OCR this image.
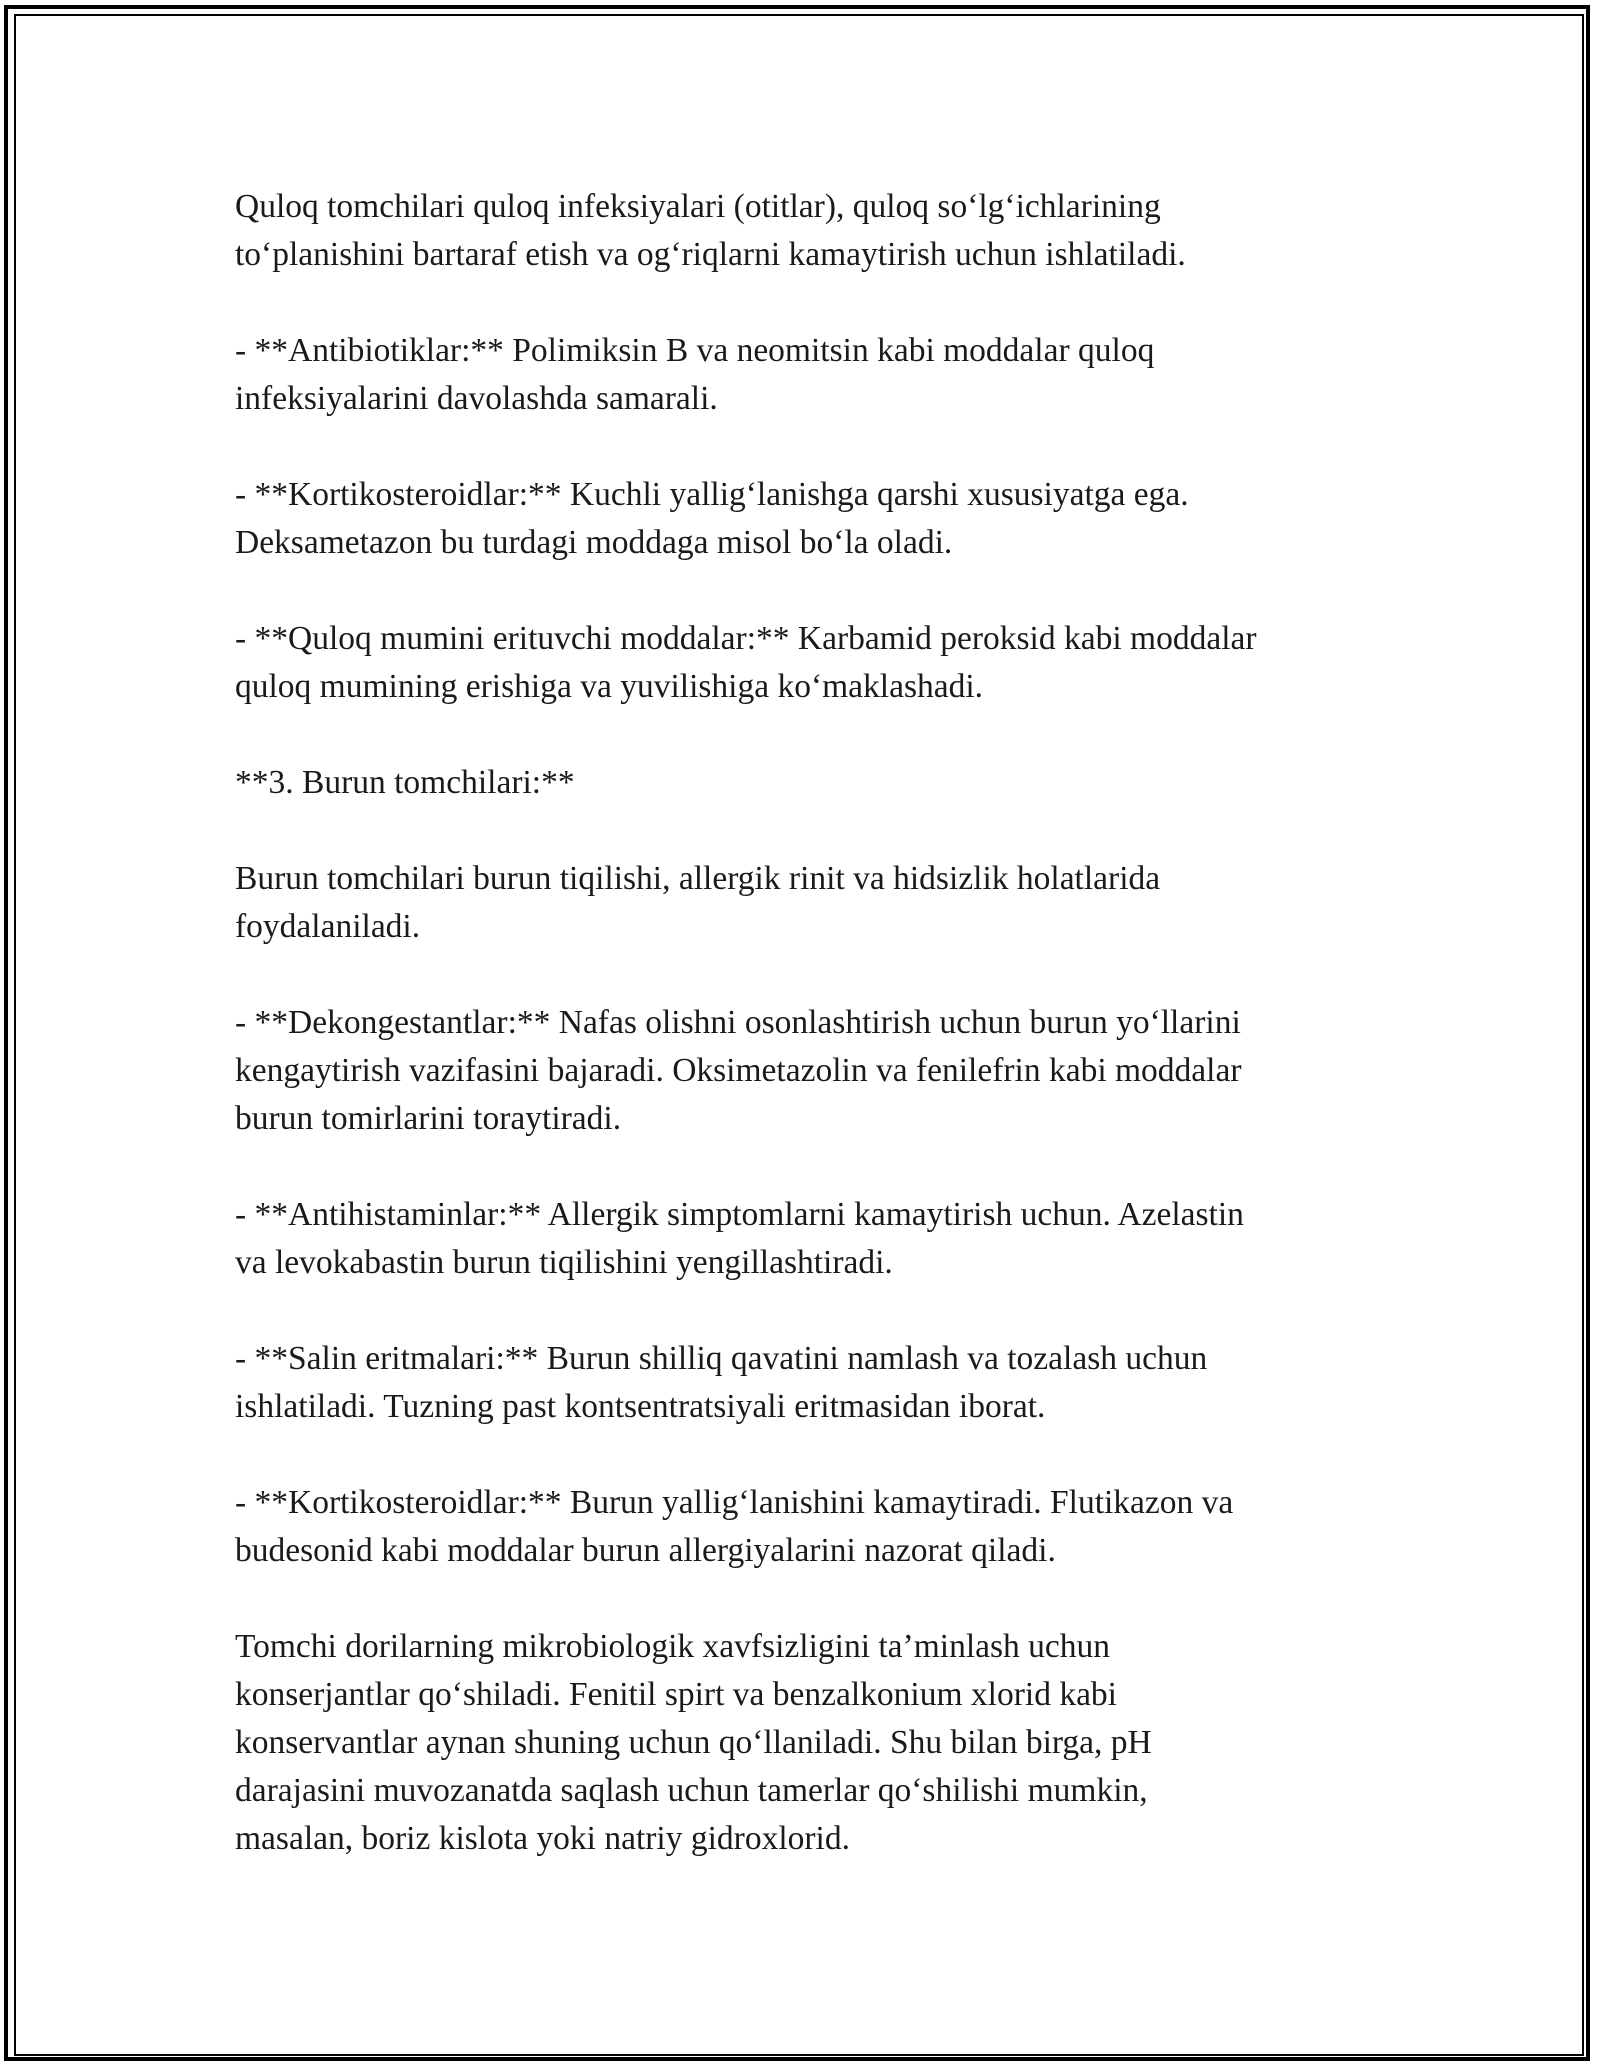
Quloq tomchilari quloq infeksiyalari (otitlar), quloq so‘lg‘ichlarining
to‘planishini bartaraf etish va og‘riqlarni kamaytirish uchun ishlatiladi.

- **Antibiotiklar:** Polimiksin B va neomitsin kabi moddalar quloq
infeksiyalarini davolashda samarali.

- **Kortikosteroidlar:** Kuchli yallig‘lanishga qarshi xususiyatga ega.
Deksametazon bu turdagi moddaga misol bo‘la oladi.

- **Quloq mumini erituvchi moddalar:** Karbamid peroksid kabi moddalar
quloq mumining erishiga va yuvilishiga ko‘maklashadi.

**3. Burun tomchilari:**

Burun tomchilari burun tiqilishi, allergik rinit va hidsizlik holatlarida
foydalaniladi.

- **Dekongestantlar:** Nafas olishni osonlashtirish uchun burun yo‘llarini
kengaytirish vazifasini bajaradi. Oksimetazolin va fenilefrin kabi moddalar
burun tomirlarini toraytiradi.

- **Antihistaminlar:** Allergik simptomlarni kamaytirish uchun. Azelastin
va levokabastin burun tiqilishini yengillashtiradi.

- **Salin eritmalari:** Burun shilliq qavatini namlash va tozalash uchun
ishlatiladi. Tuzning past kontsentratsiyali eritmasidan iborat.

- **Kortikosteroidlar:** Burun yallig‘lanishini kamaytiradi. Flutikazon va
budesonid kabi moddalar burun allergiyalarini nazorat qiladi.

Tomchi dorilarning mikrobiologik xavfsizligini ta’minlash uchun
konserjantlar qo‘shiladi. Fenitil spirt va benzalkonium xlorid kabi
konservantlar aynan shuning uchun qo‘llaniladi. Shu bilan birga, pH
darajasini muvozanatda saqlash uchun tamerlar qo‘shilishi mumkin,
masalan, boriz kislota yoki natriy gidroxlorid.
